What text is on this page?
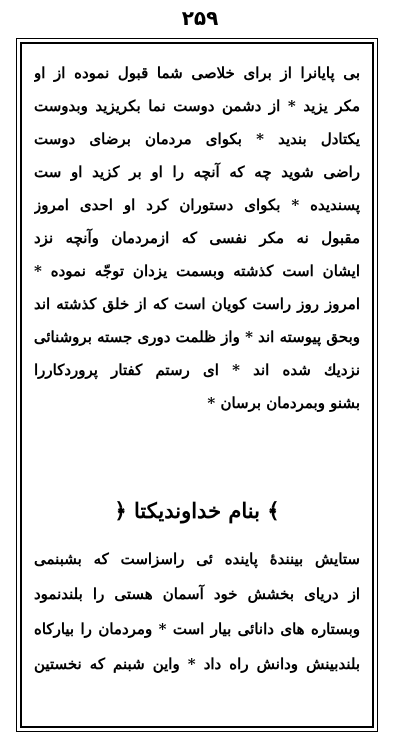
۲۵۹
بی پایانرا از برای خلاصی شما قبول نموده از او
مکر یزید * از دشمن دوست نما بکریزید وبدوست
یکتادل بندید * بکوای مردمان برضای دوست
راضی شوید چه که آنچه را او بر کزید او ست
پسندیده * بکوای دستوران کرد او احدی امروز
مقبول نه مکر نفسی که ازمردمان وآنچه نزد
ایشان است کذشته وبسمت یزدان توجّه نموده *
امروز روز راست کویان است که از خلق کذشته اند
وبحق پیوسته اند * واز ظلمت دوری جسته بروشنائی
نزدیك شده اند * ای رستم کفتار پروردکاررا
بشنو وبمردمان برسان *
﴾ بنام خداوندیکتا ﴿
ستایش بینندهٔ پاینده ئی راسزاست که بشبنمی
از دریای بخشش خود آسمان هستی را بلندنمود
وبستاره های دانائی بیار است * ومردمان را بیارکاه
بلندبینش ودانش راه داد * واین شبنم که نخستین
